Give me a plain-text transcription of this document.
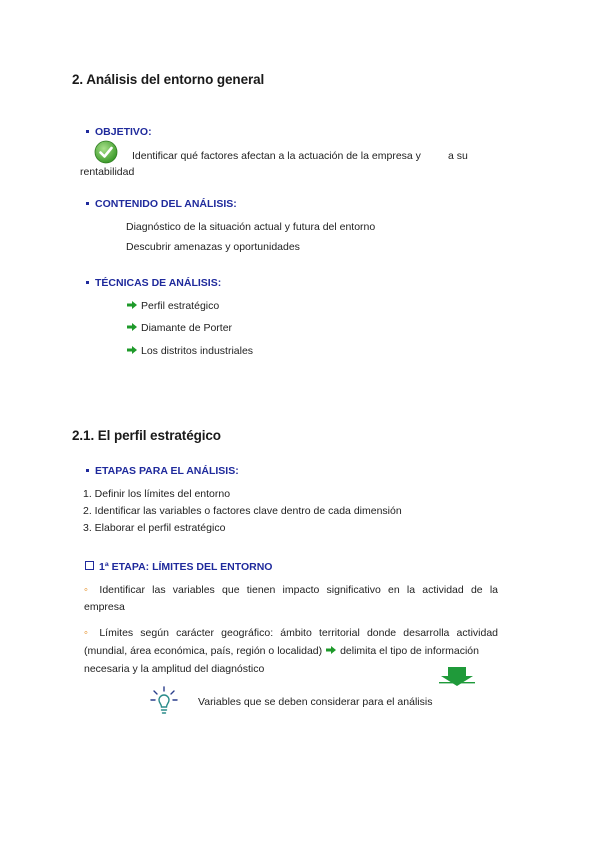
2. Análisis del entorno general
OBJETIVO:
Identificar qué factores afectan a la actuación de la empresa y	a su
rentabilidad
CONTENIDO DEL ANÁLISIS:
Diagnóstico de la situación actual y futura del entorno
Descubrir amenazas y oportunidades
TÉCNICAS DE ANÁLISIS:
Perfil estratégico
Diamante de Porter
Los distritos industriales
2.1. El perfil estratégico
ETAPAS PARA EL ANÁLISIS:
1. Definir los límites del entorno
2. Identificar las variables o factores clave dentro de cada dimensión
3. Elaborar el perfil estratégico
1ª ETAPA: LÍMITES DEL ENTORNO
◦ Identificar las variables que tienen impacto significativo en la actividad de la
empresa
◦ Límites según carácter geográfico: ámbito territorial donde desarrolla actividad
(mundial, área económica, país, región o localidad) delimita el tipo de información
necesaria y la amplitud del diagnóstico
Variables que se deben considerar para el análisis
